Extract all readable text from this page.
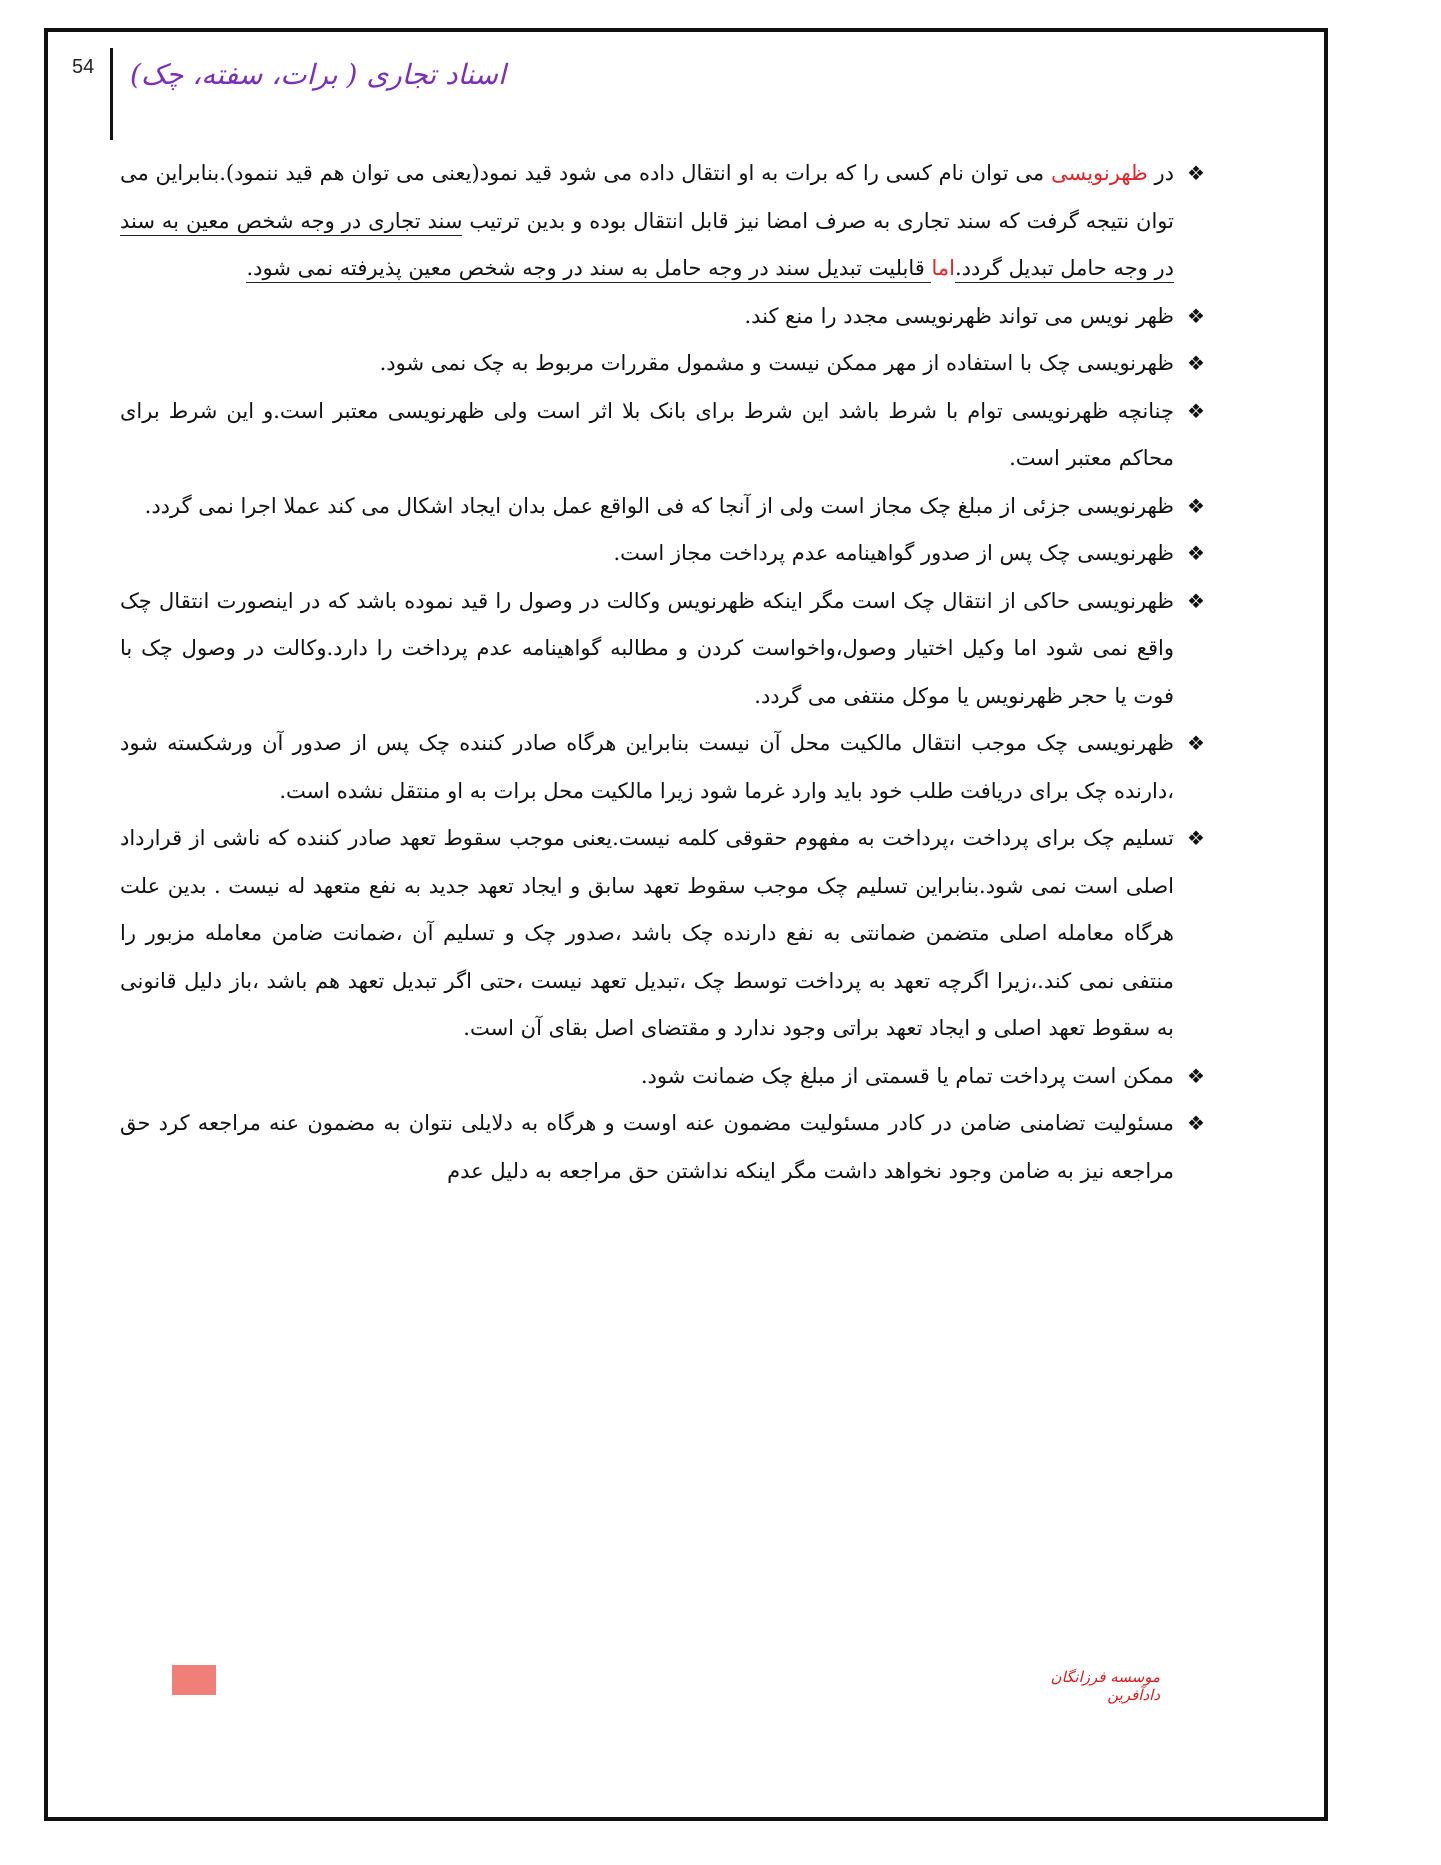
54 اسناد تجاری ( برات، سفته، چک)
❖
در ظهرنویسی می توان نام کسی را که برات به او انتقال داده می شود قید نمود(یعنی می توان هم قید ننمود).بنابراین می توان نتیجه گرفت که سند تجاری به صرف امضا نیز قابل انتقال بوده و بدین ترتیب سند تجاری در وجه شخص معین به سند در وجه حامل تبدیل گردد.اما قابلیت تبدیل سند در وجه حامل به سند در وجه شخص معین پذیرفته نمی شود.
❖
ظهر نویس می تواند ظهرنویسی مجدد را منع کند.
❖
ظهرنویسی چک با استفاده از مهر ممکن نیست و مشمول مقررات مربوط به چک نمی شود.
❖
چنانچه ظهرنویسی توام با شرط باشد این شرط برای بانک بلا اثر است ولی ظهرنویسی معتبر است.و این شرط برای محاکم معتبر است.
❖
ظهرنویسی جزئی از مبلغ چک مجاز است ولی از آنجا که فی الواقع عمل بدان ایجاد اشکال می کند عملا اجرا نمی گردد.
❖
ظهرنویسی چک پس از صدور گواهینامه عدم پرداخت مجاز است.
❖
ظهرنویسی حاکی از انتقال چک است مگر اینکه ظهرنویس وکالت در وصول را قید نموده باشد که در اینصورت انتقال چک واقع نمی شود اما وکیل اختیار وصول،واخواست کردن و مطالبه گواهینامه عدم پرداخت را دارد.وکالت در وصول چک با فوت یا حجر ظهرنویس یا موکل منتفی می گردد.
❖
ظهرنویسی چک موجب انتقال مالکیت محل آن نیست بنابراین هرگاه صادر کننده چک پس از صدور آن ورشکسته شود ،دارنده چک برای دریافت طلب خود باید وارد غرما شود زیرا مالکیت محل برات به او منتقل نشده است.
❖
تسلیم چک برای پرداخت ،پرداخت به مفهوم حقوقی کلمه نیست.یعنی موجب سقوط تعهد صادر کننده که ناشی از قرارداد اصلی است نمی شود.بنابراین تسلیم چک موجب سقوط تعهد سابق و ایجاد تعهد جدید به نفع متعهد له نیست . بدین علت هرگاه معامله اصلی متضمن ضمانتی به نفع دارنده چک باشد ،صدور چک و تسلیم آن ،ضمانت ضامن معامله مزبور را منتفی نمی کند.،زیرا اگرچه تعهد به پرداخت توسط چک ،تبدیل تعهد نیست ،حتی اگر تبدیل تعهد هم باشد ،باز دلیل قانونی به سقوط تعهد اصلی و ایجاد تعهد براتی وجود ندارد و مقتضای اصل بقای آن است.
❖
ممکن است پرداخت تمام یا قسمتی از مبلغ چک ضمانت شود.
❖
مسئولیت تضامنی ضامن در کادر مسئولیت مضمون عنه اوست و هرگاه به دلایلی نتوان به مضمون عنه مراجعه کرد حق مراجعه نیز به ضامن وجود نخواهد داشت مگر اینکه نداشتن حق مراجعه به دلیل عدم
موسسه فرزانگان دادآفرین
